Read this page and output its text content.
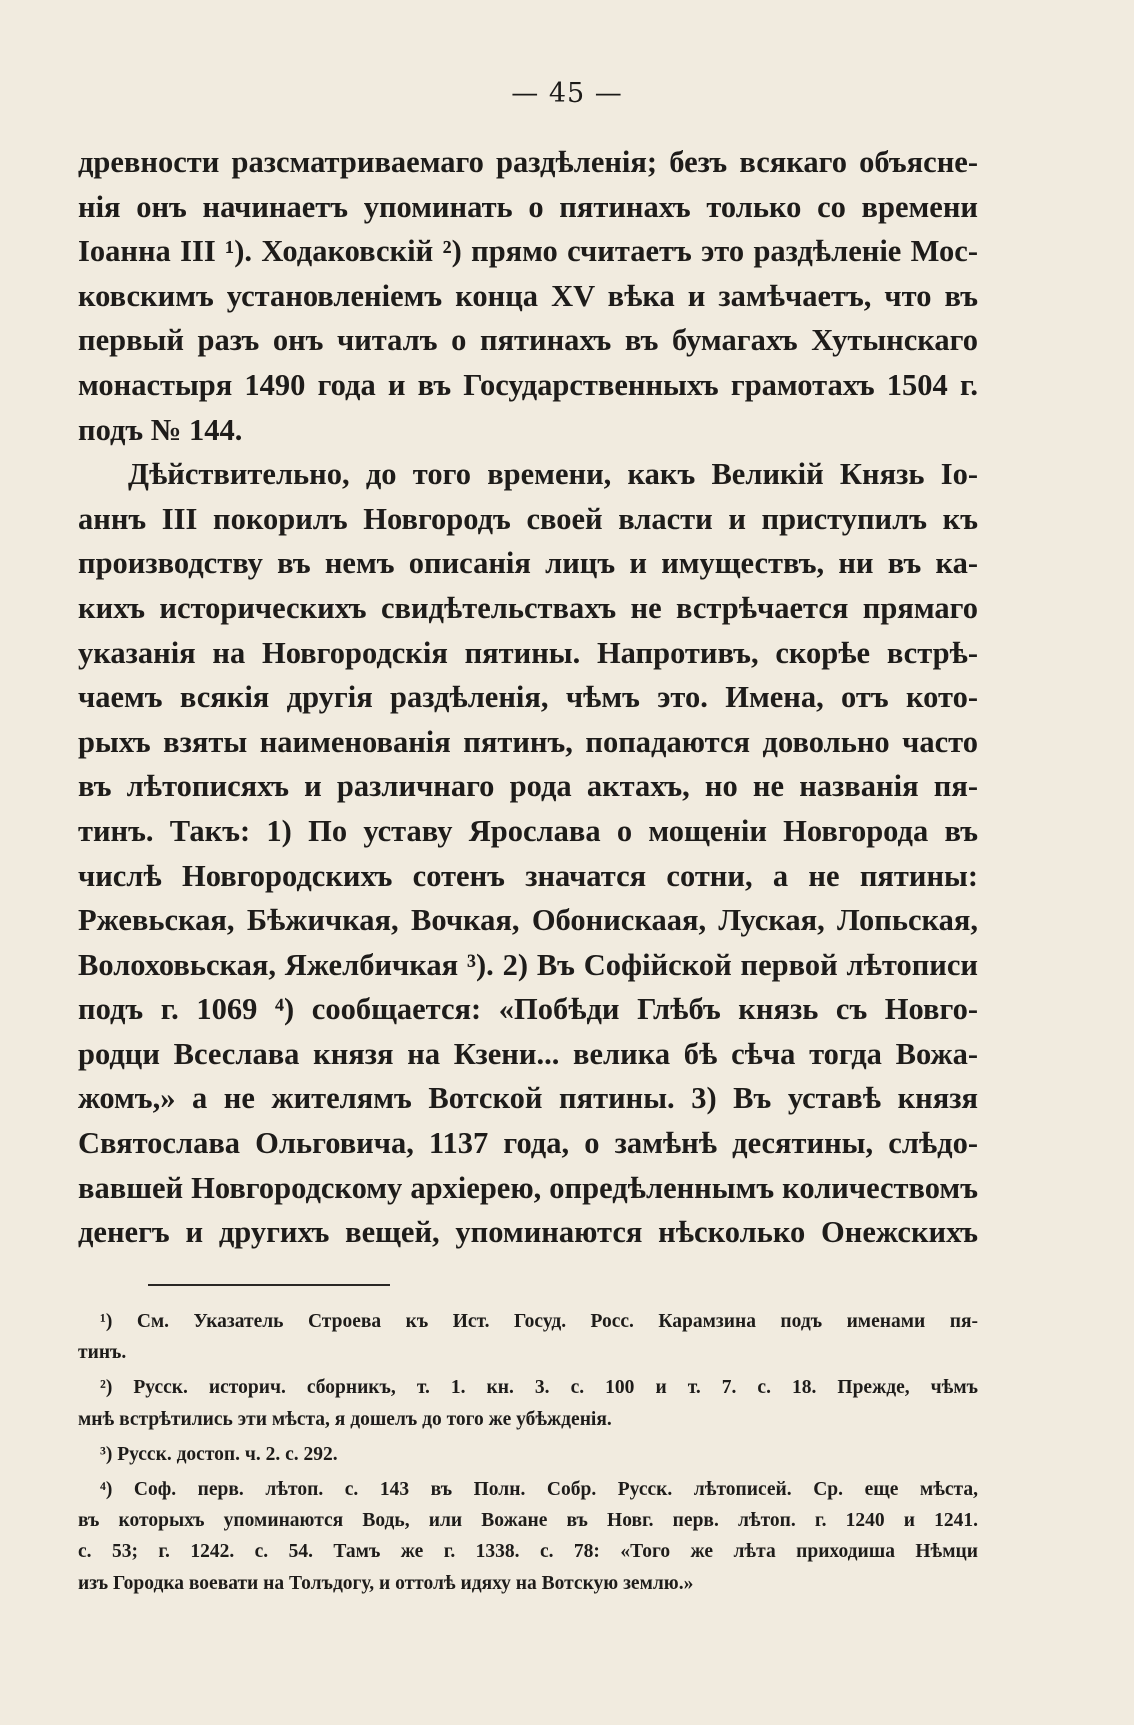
— 45 —
древности разсматриваемаго раздѣленія; безъ всякаго объясне-
нія онъ начинаетъ упоминать о пятинахъ только со времени
Іоанна III ¹). Ходаковскій ²) прямо считаетъ это раздѣленіе Мос-
ковскимъ установленіемъ конца XV вѣка и замѣчаетъ, что въ
первый разъ онъ читалъ о пятинахъ въ бумагахъ Хутынскаго
монастыря 1490 года и въ Государственныхъ грамотахъ 1504 г.
подъ № 144.
Дѣйствительно, до того времени, какъ Великій Князь Іо-
аннъ III покорилъ Новгородъ своей власти и приступилъ къ
производству въ немъ описанія лицъ и имуществъ, ни въ ка-
кихъ историческихъ свидѣтельствахъ не встрѣчается прямаго
указанія на Новгородскія пятины. Напротивъ, скорѣе встрѣ-
чаемъ всякія другія раздѣленія, чѣмъ это. Имена, отъ кото-
рыхъ взяты наименованія пятинъ, попадаются довольно часто
въ лѣтописяхъ и различнаго рода актахъ, но не названія пя-
тинъ. Такъ: 1) По уставу Ярослава о мощеніи Новгорода въ
числѣ Новгородскихъ сотенъ значатся сотни, а не пятины:
Ржевьская, Бѣжичкая, Вочкая, Обонискаая, Луская, Лопьская,
Волоховьская, Яжелбичкая ³). 2) Въ Софійской первой лѣтописи
подъ г. 1069 ⁴) сообщается: «Побѣди Глѣбъ князь съ Новго-
родци Всеслава князя на Кзени... велика бѣ сѣча тогда Вожа-
жомъ,» а не жителямъ Вотской пятины. 3) Въ уставѣ князя
Святослава Ольговича, 1137 года, о замѣнѣ десятины, слѣдо-
вавшей Новгородскому архіерею, опредѣленнымъ количествомъ
денегъ и другихъ вещей, упоминаются нѣсколько Онежскихъ
¹) См. Указатель Строева къ Ист. Госуд. Росс. Карамзина подъ именами пя-
тинъ.
²) Русск. историч. сборникъ, т. 1. кн. 3. с. 100 и т. 7. с. 18. Прежде, чѣмъ
мнѣ встрѣтились эти мѣста, я дошелъ до того же убѣжденія.
³) Русск. достоп. ч. 2. с. 292.
⁴) Соф. перв. лѣтоп. с. 143 въ Полн. Собр. Русск. лѣтописей. Ср. еще мѣста,
въ которыхъ упоминаются Водь, или Вожане въ Новг. перв. лѣтоп. г. 1240 и 1241.
с. 53; г. 1242. с. 54. Тамъ же г. 1338. с. 78: «Того же лѣта приходиша Нѣмци
изъ Городка воевати на Толъдогу, и оттолѣ идяху на Вотскую землю.»
